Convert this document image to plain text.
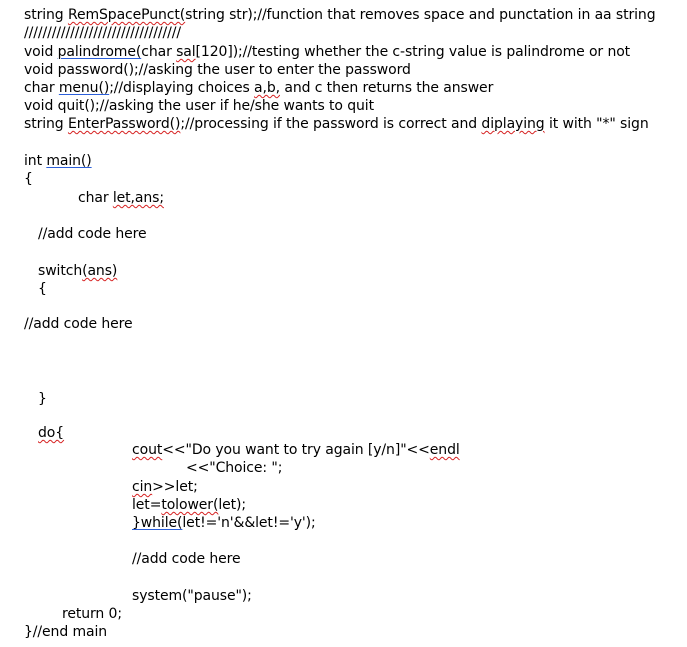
string RemSpacePunct(string str);//function that removes space and punctation in aa string
//////////////////////////////////
void palindrome(char sal[120]);//testing whether the c-string value is palindrome or not
void password();//asking the user to enter the password
char menu();//displaying choices a,b, and c then returns the answer
void quit();//asking the user if he/she wants to quit
string EnterPassword();//processing if the password is correct and diplaying it with "*" sign
int main()
{
char let,ans;
//add code here
switch(ans)
{
//add code here
}
do{
cout<<"Do you want to try again [y/n]"<<endl
<<"Choice: ";
cin>>let;
let=tolower(let);
}while(let!='n'&&let!='y');
//add code here
system("pause");
return 0;
}//end main
